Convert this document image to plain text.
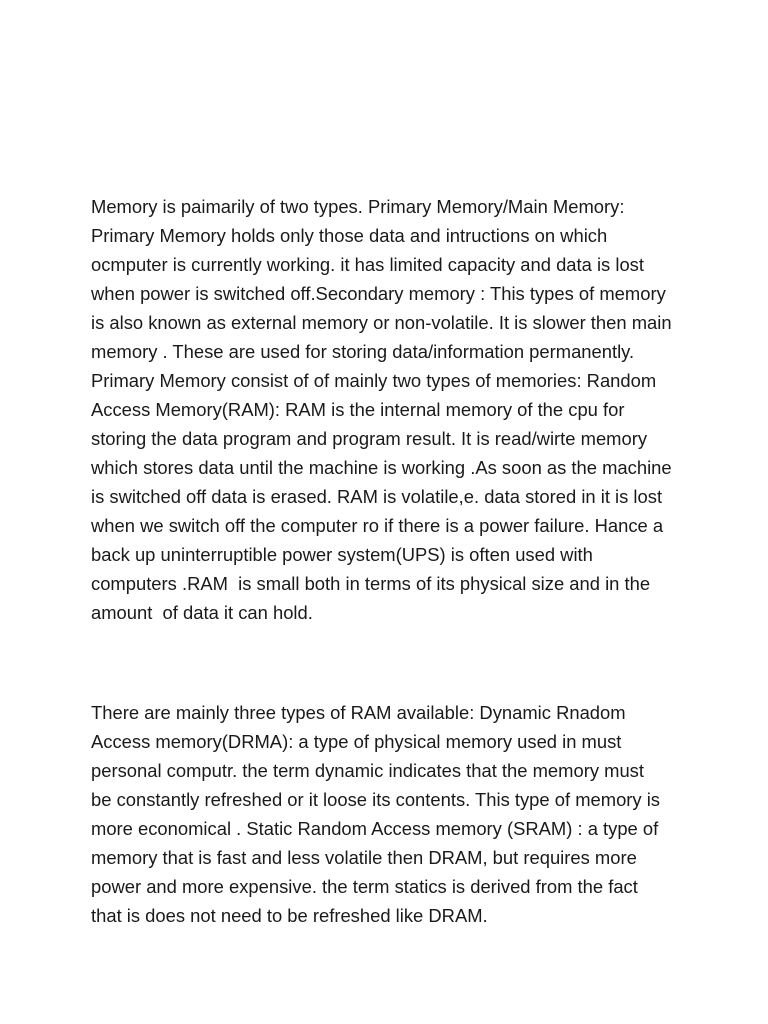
Memory is paimarily of two types. Primary Memory/Main Memory:
Primary Memory holds only those data and intructions on which
ocmputer is currently working. it has limited capacity and data is lost
when power is switched off.Secondary memory : This types of memory
is also known as external memory or non-volatile. It is slower then main
memory . These are used for storing data/information permanently.
Primary Memory consist of of mainly two types of memories: Random
Access Memory(RAM): RAM is the internal memory of the cpu for
storing the data program and program result. It is read/wirte memory
which stores data until the machine is working .As soon as the machine
is switched off data is erased. RAM is volatile,e. data stored in it is lost
when we switch off the computer ro if there is a power failure. Hance a
back up uninterruptible power system(UPS) is often used with
computers .RAM  is small both in terms of its physical size and in the
amount  of data it can hold.

There are mainly three types of RAM available: Dynamic Rnadom
Access memory(DRMA): a type of physical memory used in must
personal computr. the term dynamic indicates that the memory must
be constantly refreshed or it loose its contents. This type of memory is
more economical . Static Random Access memory (SRAM) : a type of
memory that is fast and less volatile then DRAM, but requires more
power and more expensive. the term statics is derived from the fact
that is does not need to be refreshed like DRAM.
